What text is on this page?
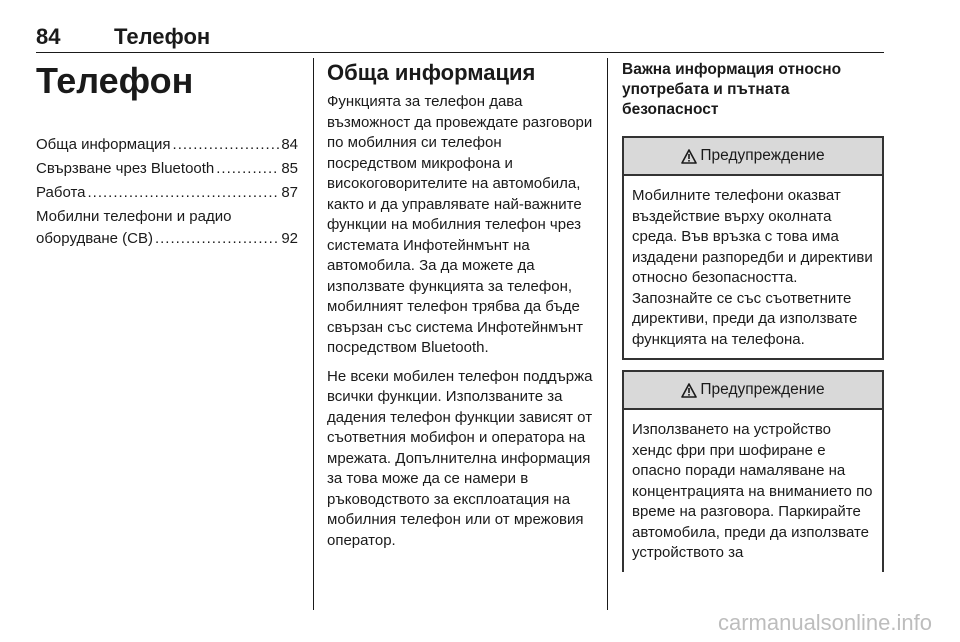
84 Телефон
Телефон
Обща информация .....	84
Свързване чрез Bluetooth .....	85
Работа .....	87
Мобилни телефони и радио
оборудване (CB) .....	92
Обща информация

Функцията за телефон дава възможност да провеждате разговори по мобилния си телефон посредством микрофона и високоговорителите на автомобила, както и да управлявате най-важните функции на мобилния телефон чрез системата Инфотейнмънт на автомобила. За да можете да използвате функцията за телефон, мобилният телефон трябва да бъде свързан със система Инфотейнмънт посредством Bluetooth.

Не всеки мобилен телефон поддържа всички функции. Използваните за дадения телефон функции зависят от съответния мобифон и оператора на мрежата. Допълнителна информация за това може да се намери в ръководството за експлоатация на мобилния телефон или от мрежовия оператор.

Важна информация относно употребата и пътната безопасност
Предупреждение

Мобилните телефони оказват въздействие върху околната среда. Във връзка с това има издадени разпоредби и директиви относно безопасността. Запознайте се със съответните директиви, преди да използвате функцията на телефона.

Предупреждение

Използването на устройство хендс фри при шофиране е опасно поради намаляване на концентрацията на вниманието по време на разговора. Паркирайте автомобила, преди да използвате устройството за

carmanualsonline.info
